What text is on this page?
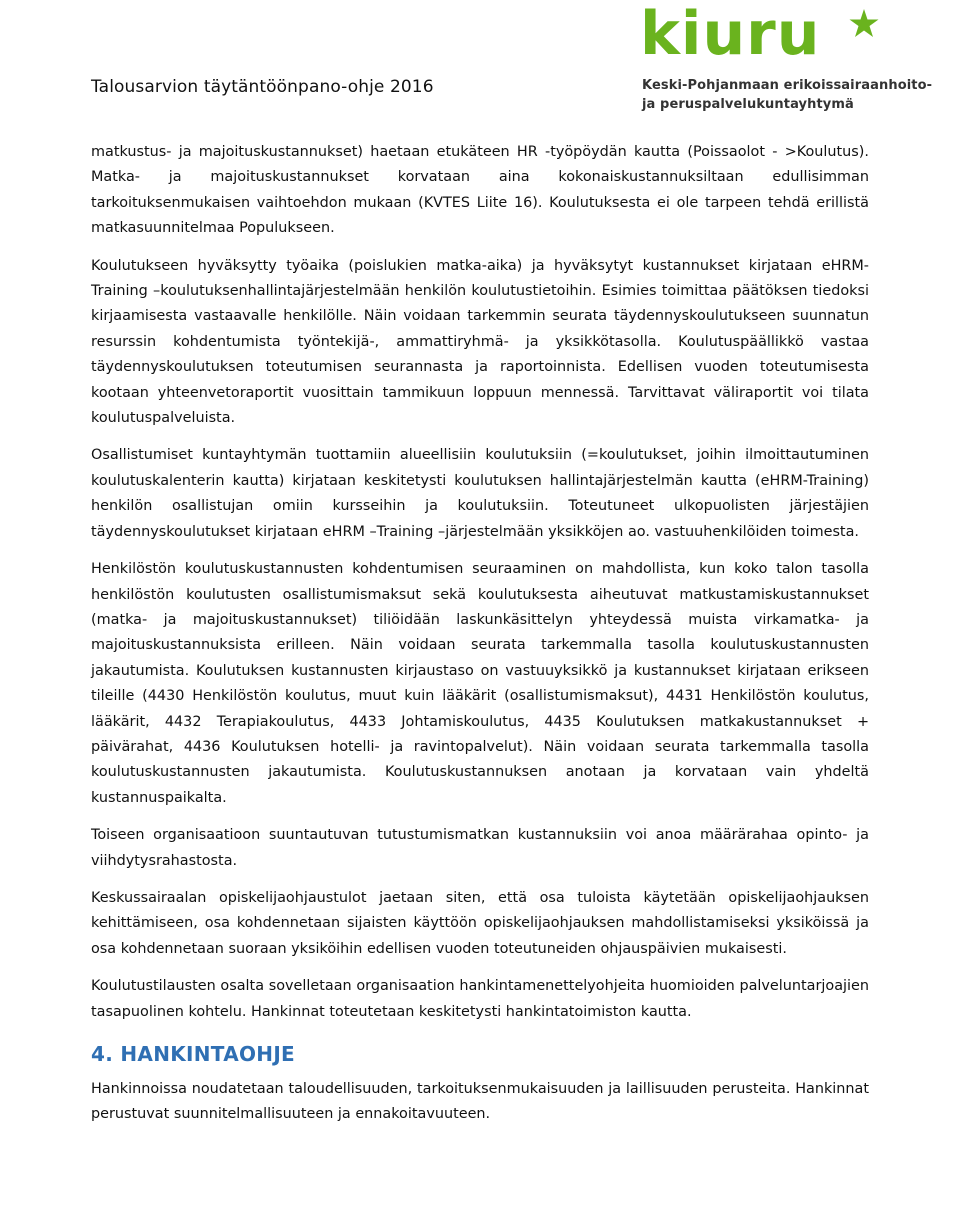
Talousarvion täytäntöönpano-ohje 2016
kiuru
Keski-Pohjanmaan erikoissairaanhoito-
ja peruspalvelukuntayhtymä

matkustus- ja majoituskustannukset) haetaan etukäteen HR -työpöydän kautta (Poissaolot - >Koulutus). Matka- ja majoituskustannukset korvataan aina kokonaiskustannuksiltaan edullisimman tarkoituksenmukaisen vaihtoehdon mukaan (KVTES Liite 16). Koulutuksesta ei ole tarpeen tehdä erillistä matkasuunnitelmaa Populukseen.

Koulutukseen hyväksytty työaika (poislukien matka-aika) ja hyväksytyt kustannukset kirjataan eHRM-Training –koulutuksenhallintajärjestelmään henkilön koulutustietoihin. Esimies toimittaa päätöksen tiedoksi kirjaamisesta vastaavalle henkilölle. Näin voidaan tarkemmin seurata täydennyskoulutukseen suunnatun resurssin kohdentumista työntekijä-, ammattiryhmä- ja yksikkötasolla. Koulutuspäällikkö vastaa täydennyskoulutuksen toteutumisen seurannasta ja raportoinnista. Edellisen vuoden toteutumisesta kootaan yhteenvetoraportit vuosittain tammikuun loppuun mennessä. Tarvittavat väliraportit voi tilata koulutuspalveluista.

Osallistumiset kuntayhtymän tuottamiin alueellisiin koulutuksiin (=koulutukset, joihin ilmoittautuminen koulutuskalenterin kautta) kirjataan keskitetysti koulutuksen hallintajärjestelmän kautta (eHRM-Training) henkilön osallistujan omiin kursseihin ja koulutuksiin. Toteutuneet ulkopuolisten järjestäjien täydennyskoulutukset kirjataan eHRM –Training –järjestelmään yksikköjen ao. vastuuhenkilöiden toimesta.

Henkilöstön koulutuskustannusten kohdentumisen seuraaminen on mahdollista, kun koko talon tasolla henkilöstön koulutusten osallistumismaksut sekä koulutuksesta aiheutuvat matkustamiskustannukset (matka- ja majoituskustannukset) tiliöidään laskunkäsittelyn yhteydessä muista virkamatka- ja majoituskustannuksista erilleen. Näin voidaan seurata tarkemmalla tasolla koulutuskustannusten jakautumista. Koulutuksen kustannusten kirjaustaso on vastuuyksikkö ja kustannukset kirjataan erikseen tileille (4430 Henkilöstön koulutus, muut kuin lääkärit (osallistumismaksut), 4431 Henkilöstön koulutus, lääkärit, 4432 Terapiakoulutus, 4433 Johtamiskoulutus, 4435 Koulutuksen matkakustannukset + päivärahat, 4436 Koulutuksen hotelli- ja ravintopalvelut). Näin voidaan seurata tarkemmalla tasolla koulutuskustannusten jakautumista. Koulutuskustannuksen anotaan ja korvataan vain yhdeltä kustannuspaikalta.

Toiseen organisaatioon suuntautuvan tutustumismatkan kustannuksiin voi anoa määrärahaa opinto- ja viihdytysrahastosta.

Keskussairaalan opiskelijaohjaustulot jaetaan siten, että osa tuloista käytetään opiskelijaohjauksen kehittämiseen, osa kohdennetaan sijaisten käyttöön opiskelijaohjauksen mahdollistamiseksi yksiköissä ja osa kohdennetaan suoraan yksiköihin edellisen vuoden toteutuneiden ohjauspäivien mukaisesti.

Koulutustilausten osalta sovelletaan organisaation hankintamenettelyohjeita huomioiden palveluntarjoajien tasapuolinen kohtelu. Hankinnat toteutetaan keskitetysti hankintatoimiston kautta.

4. HANKINTAOHJE

Hankinnoissa noudatetaan taloudellisuuden, tarkoituksenmukaisuuden ja laillisuuden perusteita. Hankinnat perustuvat suunnitelmallisuuteen ja ennakoitavuuteen.
